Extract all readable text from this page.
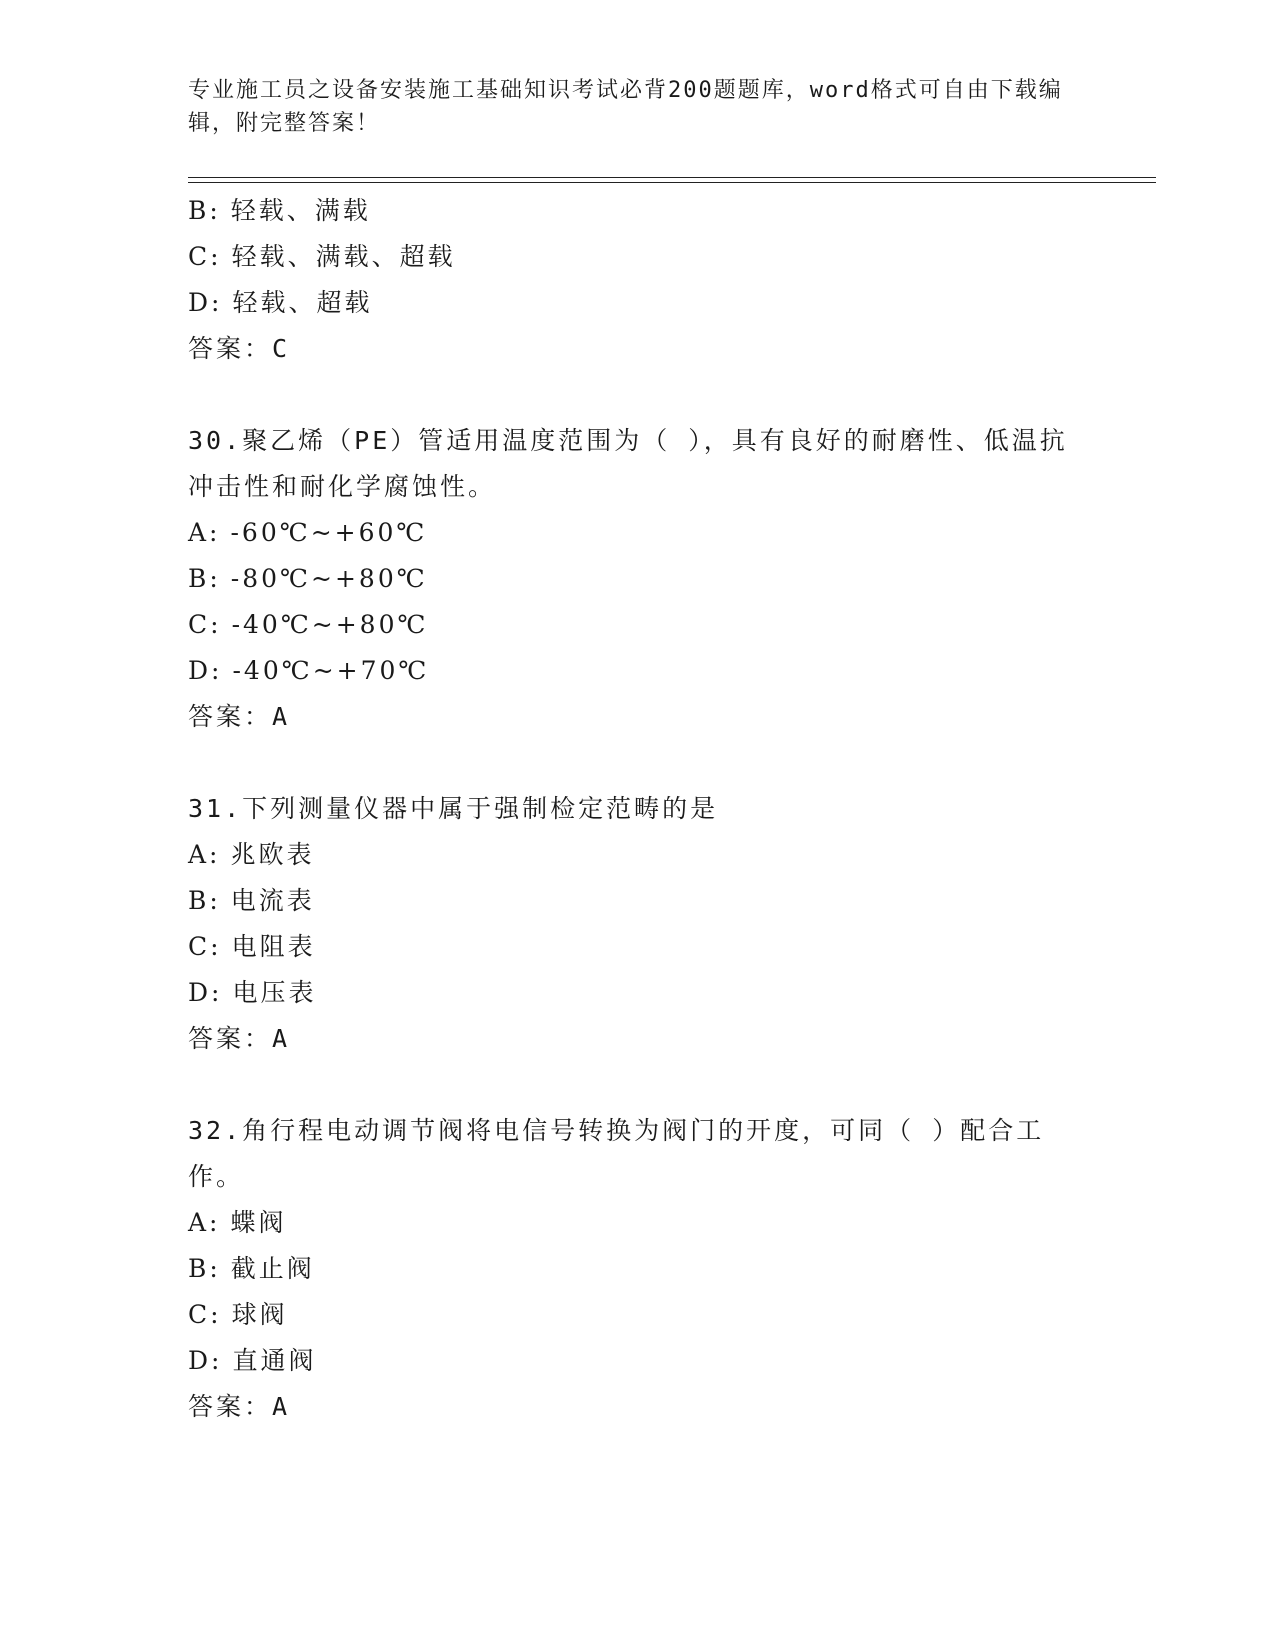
专业施工员之设备安装施工基础知识考试必背200题题库，word格式可自由下载编辑，附完整答案！
B: 轻载、满载
C: 轻载、满载、超载
D: 轻载、超载
答案：C
30.聚乙烯（PE）管适用温度范围为（ ），具有良好的耐磨性、低温抗冲击性和耐化学腐蚀性。
A: -60℃~+60℃
B: -80℃~+80℃
C: -40℃~+80℃
D: -40℃~+70℃
答案：A
31.下列测量仪器中属于强制检定范畴的是
A: 兆欧表
B: 电流表
C: 电阻表
D: 电压表
答案：A
32.角行程电动调节阀将电信号转换为阀门的开度，可同（ ）配合工作。
A: 蝶阀
B: 截止阀
C: 球阀
D: 直通阀
答案：A
